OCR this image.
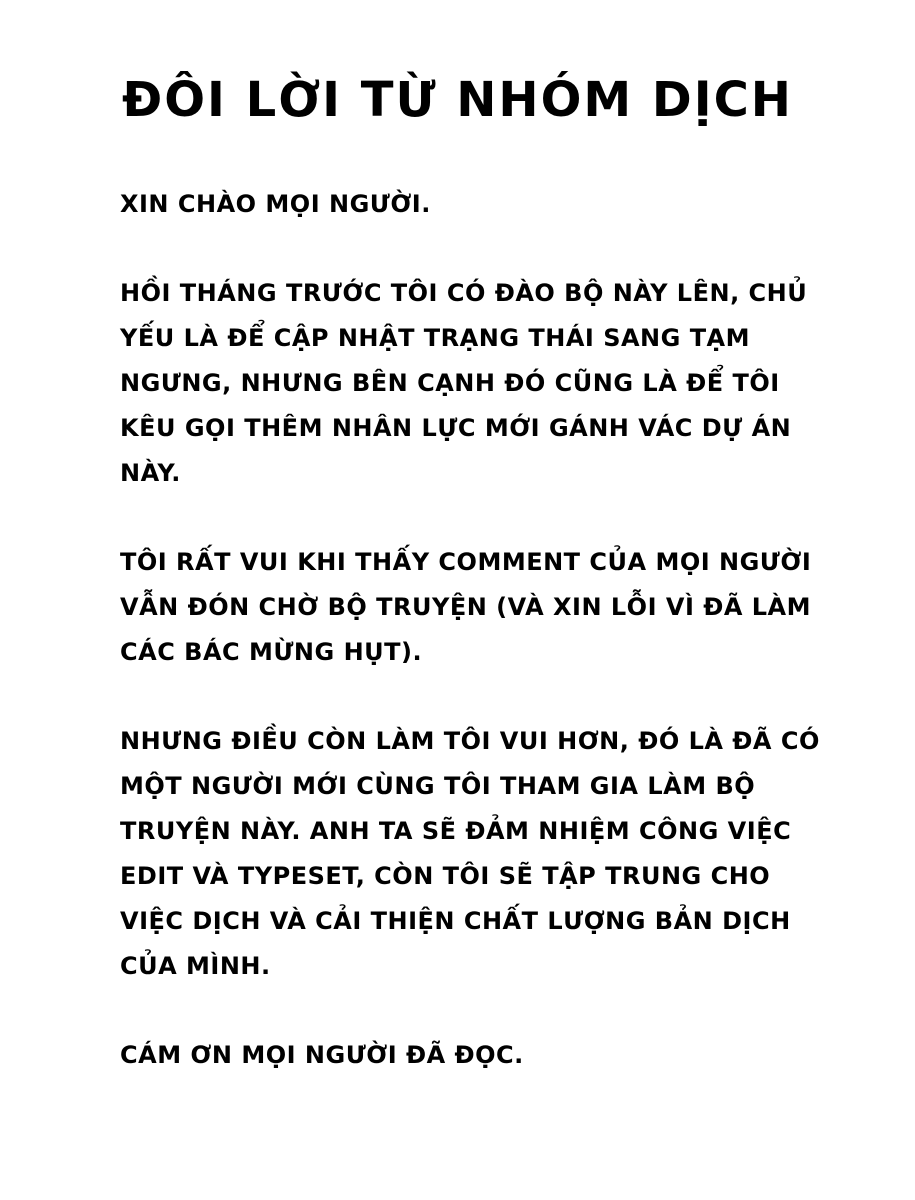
ĐÔI LỜI TỪ NHÓM DỊCH

XIN CHÀO MỌI NGƯỜI.

HỒI THÁNG TRƯỚC TÔI CÓ ĐÀO BỘ NÀY LÊN, CHỦ YẾU LÀ ĐỂ CẬP NHẬT TRẠNG THÁI SANG TẠM NGƯNG, NHƯNG BÊN CẠNH ĐÓ CŨNG LÀ ĐỂ TÔI KÊU GỌI THÊM NHÂN LỰC MỚI GÁNH VÁC DỰ ÁN NÀY.

TÔI RẤT VUI KHI THẤY COMMENT CỦA MỌI NGƯỜI VẪN ĐÓN CHỜ BỘ TRUYỆN (VÀ XIN LỖI VÌ ĐÃ LÀM CÁC BÁC MỪNG HỤT).

NHƯNG ĐIỀU CÒN LÀM TÔI VUI HƠN, ĐÓ LÀ ĐÃ CÓ MỘT NGƯỜI MỚI CÙNG TÔI THAM GIA LÀM BỘ TRUYỆN NÀY. ANH TA SẼ ĐẢM NHIỆM CÔNG VIỆC EDIT VÀ TYPESET, CÒN TÔI SẼ TẬP TRUNG CHO VIỆC DỊCH VÀ CẢI THIỆN CHẤT LƯỢNG BẢN DỊCH CỦA MÌNH.

CÁM ƠN MỌI NGƯỜI ĐÃ ĐỌC.
